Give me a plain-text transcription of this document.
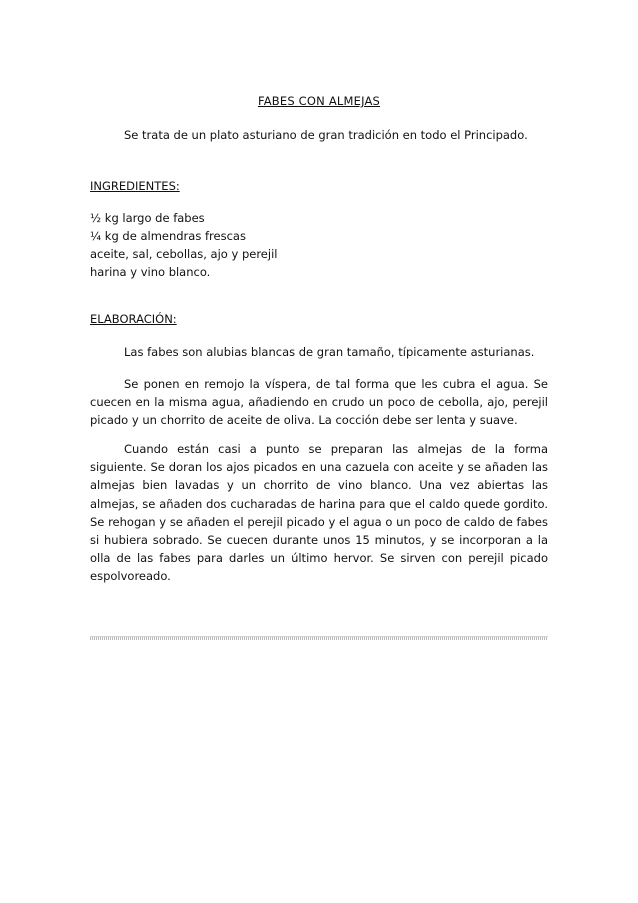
FABES CON ALMEJAS
Se trata de un plato asturiano de gran tradición en todo el Principado.
INGREDIENTES:
½ kg largo de fabes
¼ kg de almendras frescas
aceite, sal, cebollas, ajo y perejil
harina y vino blanco.
ELABORACIÓN:

Las fabes son alubias blancas de gran tamaño, típicamente asturianas.

Se ponen en remojo la víspera, de tal forma que les cubra el agua. Se cuecen en la misma agua, añadiendo en crudo un poco de cebolla, ajo, perejil picado y un chorrito de aceite de oliva. La cocción debe ser lenta y suave.

Cuando están casi a punto se preparan las almejas de la forma siguiente. Se doran los ajos picados en una cazuela con aceite y se añaden las almejas bien lavadas y un chorrito de vino blanco. Una vez abiertas las almejas, se añaden dos cucharadas de harina para que el caldo quede gordito. Se rehogan y se añaden el perejil picado y el agua o un poco de caldo de fabes si hubiera sobrado. Se cuecen durante unos 15 minutos, y se incorporan a la olla de las fabes para darles un último hervor. Se sirven con perejil picado espolvoreado.
